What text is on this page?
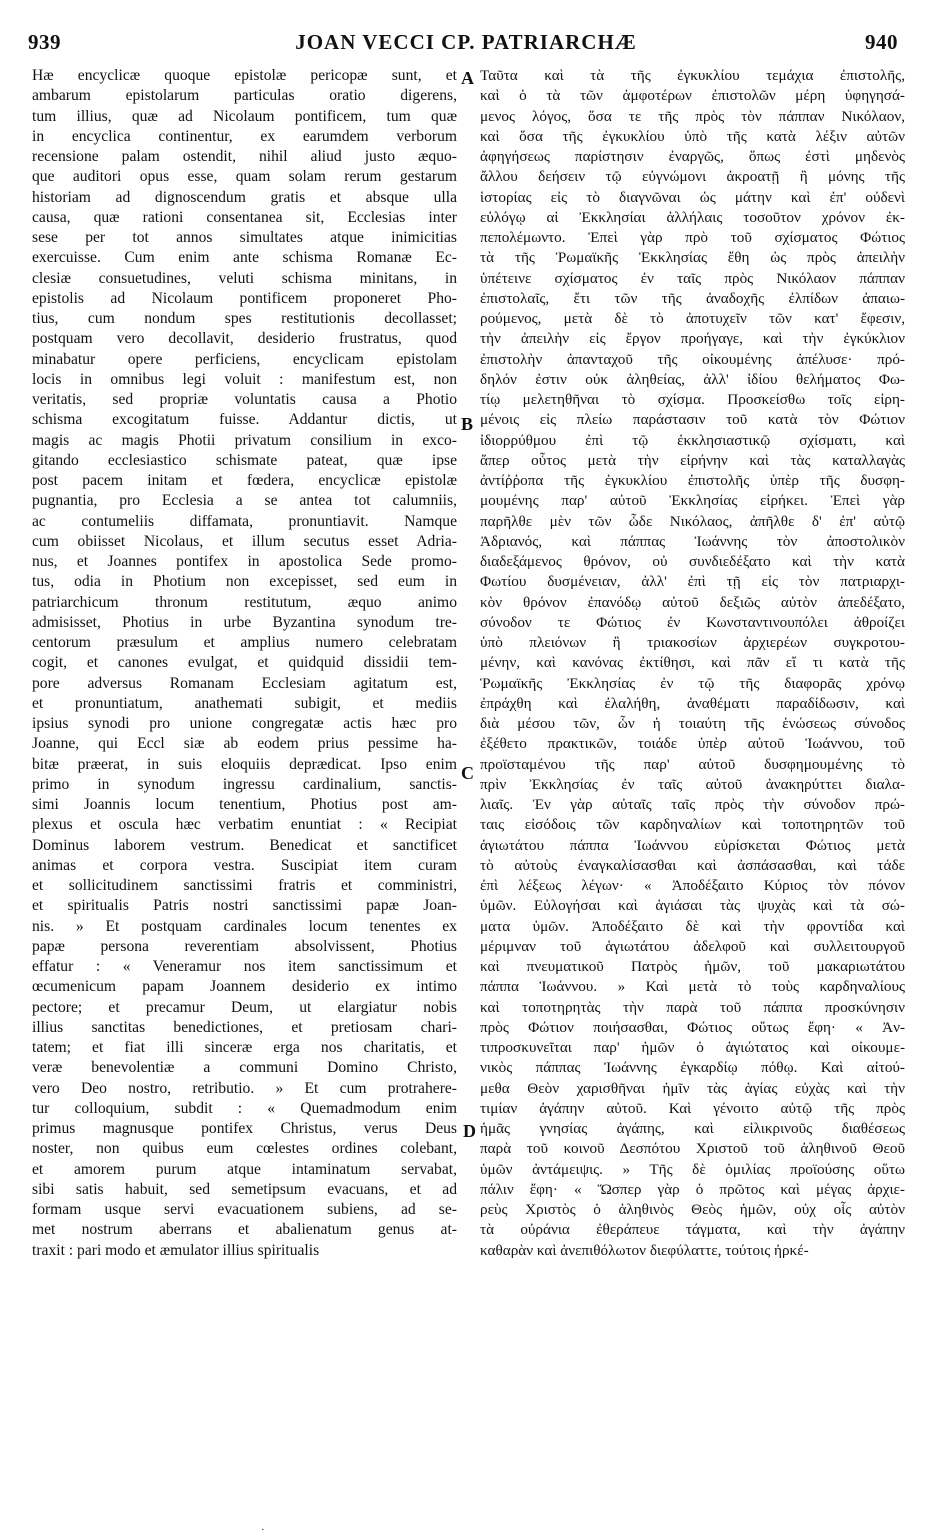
939	JOAN VECCI CP. PATRIARCHÆ	940
Hæ encyclicæ quoque epistolæ pericopæ sunt, et
ambarum epistolarum particulas oratio digerens,
tum illius, quæ ad Nicolaum pontificem, tum quæ
in encyclica continentur, ex earumdem verborum
recensione palam ostendit, nihil aliud justo æquo-
que auditori opus esse, quam solam rerum gestarum
historiam ad dignoscendum gratis et absque ulla
causa, quæ rationi consentanea sit, Ecclesias inter
sese per tot annos simultates atque inimicitias
exercuisse. Cum enim ante schisma Romanæ Ec-
clesiæ consuetudines, veluti schisma minitans, in
epistolis ad Nicolaum pontificem proponeret Pho-
tius, cum nondum spes restitutionis decollasset;
postquam vero decollavit, desiderio frustratus, quod
minabatur opere perficiens, encyclicam epistolam
locis in omnibus legi voluit : manifestum est, non
veritatis, sed propriæ voluntatis causa a Photio
schisma excogitatum fuisse. Addantur dictis, ut
magis ac magis Photii privatum consilium in exco-
gitando ecclesiastico schismate pateat, quæ ipse
post pacem initam et fœdera, encyclicæ epistolæ
pugnantia, pro Ecclesia a se antea tot calumniis,
ac contumeliis diffamata, pronuntiavit. Namque
cum obiisset Nicolaus, et illum secutus esset Adria-
nus, et Joannes pontifex in apostolica Sede promo-
tus, odia in Photium non excepisset, sed eum in
patriarchicum thronum restitutum, æquo animo
admisisset, Photius in urbe Byzantina synodum tre-
centorum præsulum et amplius numero celebratam
cogit, et canones evulgat, et quidquid dissidii tem-
pore adversus Romanam Ecclesiam agitatum est,
et pronuntiatum, anathemati subigit, et mediis
ipsius synodi pro unione congregatæ actis hæc pro
Joanne, qui Eccl siæ ab eodem prius pessime ha-
bitæ præerat, in suis eloquiis deprædicat. Ipso enim
primo in synodum ingressu cardinalium, sanctis-
simi Joannis locum tenentium, Photius post am-
plexus et oscula hæc verbatim enuntiat : « Recipiat
Dominus laborem vestrum. Benedicat et sanctificet
animas et corpora vestra. Suscipiat item curam
et sollicitudinem sanctissimi fratris et comministri,
et spiritualis Patris nostri sanctissimi papæ Joan-
nis. » Et postquam cardinales locum tenentes ex
papæ persona reverentiam absolvissent, Photius
effatur : « Veneramur nos item sanctissimum et
œcumenicum papam Joannem desiderio ex intimo
pectore; et precamur Deum, ut elargiatur nobis
illius sanctitas benedictiones, et pretiosam chari-
tatem; et fiat illi sinceræ erga nos charitatis, et
veræ benevolentiæ a communi Domino Christo,
vero Deo nostro, retributio. » Et cum protrahere-
tur colloquium, subdit : « Quemadmodum enim
primus magnusque pontifex Christus, verus Deus
noster, non quibus eum cœlestes ordines colebant,
et amorem purum atque intaminatum servabat,
sibi satis habuit, sed semetipsum evacuans, et ad
formam usque servi evacuationem subiens, ad se-
met nostrum aberrans et abalienatum genus at-
traxit : pari modo et æmulator illius spiritualis
A
B
C
D
Ταῦτα καὶ τὰ τῆς ἐγκυκλίου τεμάχια ἐπιστολῆς,
καὶ ὁ τὰ τῶν ἀμφοτέρων ἐπιστολῶν μέρη ὑφηγησά-
μενος λόγος, ὅσα τε τῆς πρὸς τὸν πάππαν Νικόλαον,
καὶ ὅσα τῆς ἐγκυκλίου ὑπὸ τῆς κατὰ λέξιν αὐτῶν
ἀφηγήσεως παρίστησιν ἐναργῶς, ὅπως ἐστὶ μηδενὸς
ἄλλου δεήσειν τῷ εὐγνώμονι ἀκροατῇ ἢ μόνης τῆς
ἱστορίας εἰς τὸ διαγνῶναι ὡς μάτην καὶ ἐπ' οὐδενὶ
εὐλόγῳ αἱ Ἐκκλησίαι ἀλλήλαις τοσοῦτον χρόνον ἐκ-
πεπολέμωντο. Ἐπεὶ γὰρ πρὸ τοῦ σχίσματος Φώτιος
τὰ τῆς Ῥωμαϊκῆς Ἐκκλησίας ἔθη ὡς πρὸς ἀπειλὴν
ὑπέτεινε σχίσματος ἐν ταῖς πρὸς Νικόλαον πάππαν
ἐπιστολαῖς, ἔτι τῶν τῆς ἀναδοχῆς ἐλπίδων ἀπαιω-
ρούμενος, μετὰ δὲ τὸ ἀποτυχεῖν τῶν κατ' ἔφεσιν,
τὴν ἀπειλὴν εἰς ἔργον προήγαγε, καὶ τὴν ἐγκύκλιον
ἐπιστολὴν ἁπανταχοῦ τῆς οἰκουμένης ἀπέλυσε· πρό-
δηλόν ἐστιν οὐκ ἀληθείας, ἀλλ' ἰδίου θελήματος Φω-
τίῳ μελετηθῆναι τὸ σχίσμα. Προσκείσθω τοῖς εἰρη-
μένοις εἰς πλείω παράστασιν τοῦ κατὰ τὸν Φώτιον
ἰδιορρύθμου ἐπὶ τῷ ἐκκλησιαστικῷ σχίσματι, καὶ
ἅπερ οὗτος μετὰ τὴν εἰρήνην καὶ τὰς καταλλαγὰς
ἀντίῤῥοπα τῆς ἐγκυκλίου ἐπιστολῆς ὑπὲρ τῆς δυσφη-
μουμένης παρ' αὐτοῦ Ἐκκλησίας εἰρήκει. Ἐπεὶ γὰρ
παρῆλθε μὲν τῶν ὧδε Νικόλαος, ἀπῆλθε δ' ἐπ' αὐτῷ
Ἀδριανός, καὶ πάππας Ἰωάννης τὸν ἀποστολικὸν
διαδεξάμενος θρόνον, οὐ συνδιεδέξατο καὶ τὴν κατὰ
Φωτίου δυσμένειαν, ἀλλ' ἐπὶ τῇ εἰς τὸν πατριαρχι-
κὸν θρόνον ἐπανόδῳ αὐτοῦ δεξιῶς αὐτὸν ἀπεδέξατο,
σύνοδον τε Φώτιος ἐν Κωνσταντινουπόλει ἀθροίζει
ὑπὸ πλειόνων ἢ τριακοσίων ἀρχιερέων συγκροτου-
μένην, καὶ κανόνας ἐκτίθησι, καὶ πᾶν εἴ τι κατὰ τῆς
Ῥωμαϊκῆς Ἐκκλησίας ἐν τῷ τῆς διαφορᾶς χρόνῳ
ἐπράχθη καὶ ἐλαλήθη, ἀναθέματι παραδίδωσιν, καὶ
διὰ μέσου τῶν, ὧν ἡ τοιαύτη τῆς ἑνώσεως σύνοδος
ἐξέθετο πρακτικῶν, τοιάδε ὑπὲρ αὐτοῦ Ἰωάννου, τοῦ
προϊσταμένου τῆς παρ' αὐτοῦ δυσφημουμένης τὸ
πρὶν Ἐκκλησίας ἐν ταῖς αὐτοῦ ἀνακηρύττει διαλα-
λιαῖς. Ἐν γὰρ αὐταῖς ταῖς πρὸς τὴν σύνοδον πρώ-
ταις εἰσόδοις τῶν καρδηναλίων καὶ τοποτηρητῶν τοῦ
ἁγιωτάτου πάππα Ἰωάννου εὑρίσκεται Φώτιος μετὰ
τὸ αὐτοὺς ἐναγκαλίσασθαι καὶ ἀσπάσασθαι, καὶ τάδε
ἐπὶ λέξεως λέγων· « Ἀποδέξαιτο Κύριος τὸν πόνον
ὑμῶν. Εὐλογήσαι καὶ ἁγιάσαι τὰς ψυχὰς καὶ τὰ σώ-
ματα ὑμῶν. Ἀποδέξαιτο δὲ καὶ τὴν φροντίδα καὶ
μέριμναν τοῦ ἁγιωτάτου ἀδελφοῦ καὶ συλλειτουργοῦ
καὶ πνευματικοῦ Πατρὸς ἡμῶν, τοῦ μακαριωτάτου
πάππα Ἰωάννου. » Καὶ μετὰ τὸ τοὺς καρδηναλίους
καὶ τοποτηρητὰς τὴν παρὰ τοῦ πάππα προσκύνησιν
πρὸς Φώτιον ποιήσασθαι, Φώτιος οὕτως ἔφη· « Ἀν-
τιπροσκυνεῖται παρ' ἡμῶν ὁ ἁγιώτατος καὶ οἰκουμε-
νικὸς πάππας Ἰωάννης ἐγκαρδίῳ πόθῳ. Καὶ αἰτού-
μεθα Θεὸν χαρισθῆναι ἡμῖν τὰς ἁγίας εὐχὰς καὶ τὴν
τιμίαν ἀγάπην αὐτοῦ. Καὶ γένοιτο αὐτῷ τῆς πρὸς
ἡμᾶς γνησίας ἀγάπης, καὶ εἰλικρινοῦς διαθέσεως
παρὰ τοῦ κοινοῦ Δεσπότου Χριστοῦ τοῦ ἀληθινοῦ Θεοῦ
ὑμῶν ἀντάμειψις. » Τῆς δὲ ὁμιλίας προϊούσης οὕτω
πάλιν ἔφη· « Ὥσπερ γὰρ ὁ πρῶτος καὶ μέγας ἀρχιε-
ρεὺς Χριστὸς ὁ ἀληθινὸς Θεὸς ἡμῶν, οὐχ οἷς αὐτὸν
τὰ οὐράνια ἐθεράπευε τάγματα, καὶ τὴν ἀγάπην
καθαρὰν καὶ ἀνεπιθόλωτον διεφύλαττε, τούτοις ἠρκέ-
·
